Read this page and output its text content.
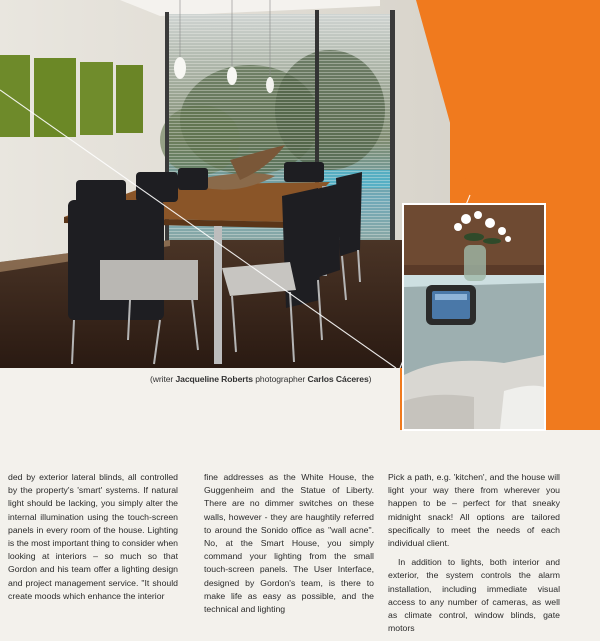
(writer Jacqueline Roberts photographer Carlos Cáceres)

ded by exterior lateral blinds, all controlled by the property's 'smart' systems. If natural light should be lacking, you simply alter the internal illumination using the touch-screen panels in every room of the house. Lighting is the most important thing to consider when looking at interiors – so much so that Gordon and his team offer a lighting design and project management service. "It should create moods which enhance the interior

fine addresses as the White House, the Guggenheim and the Statue of Liberty. There are no dimmer switches on these walls, however - they are haughtily referred to around the Sonido office as "wall acne". No, at the Smart House, you simply command your lighting from the small touch-screen panels. The User Interface, designed by Gordon's team, is there to make life as easy as possible, and the technical and lighting

Pick a path, e.g. 'kitchen', and the house will light your way there from wherever you happen to be – perfect for that sneaky midnight snack! All options are tailored specifically to meet the needs of each individual client.

In addition to lights, both interior and exterior, the system controls the alarm installation, including immediate visual access to any number of cameras, as well as climate control, window blinds, gate motors
